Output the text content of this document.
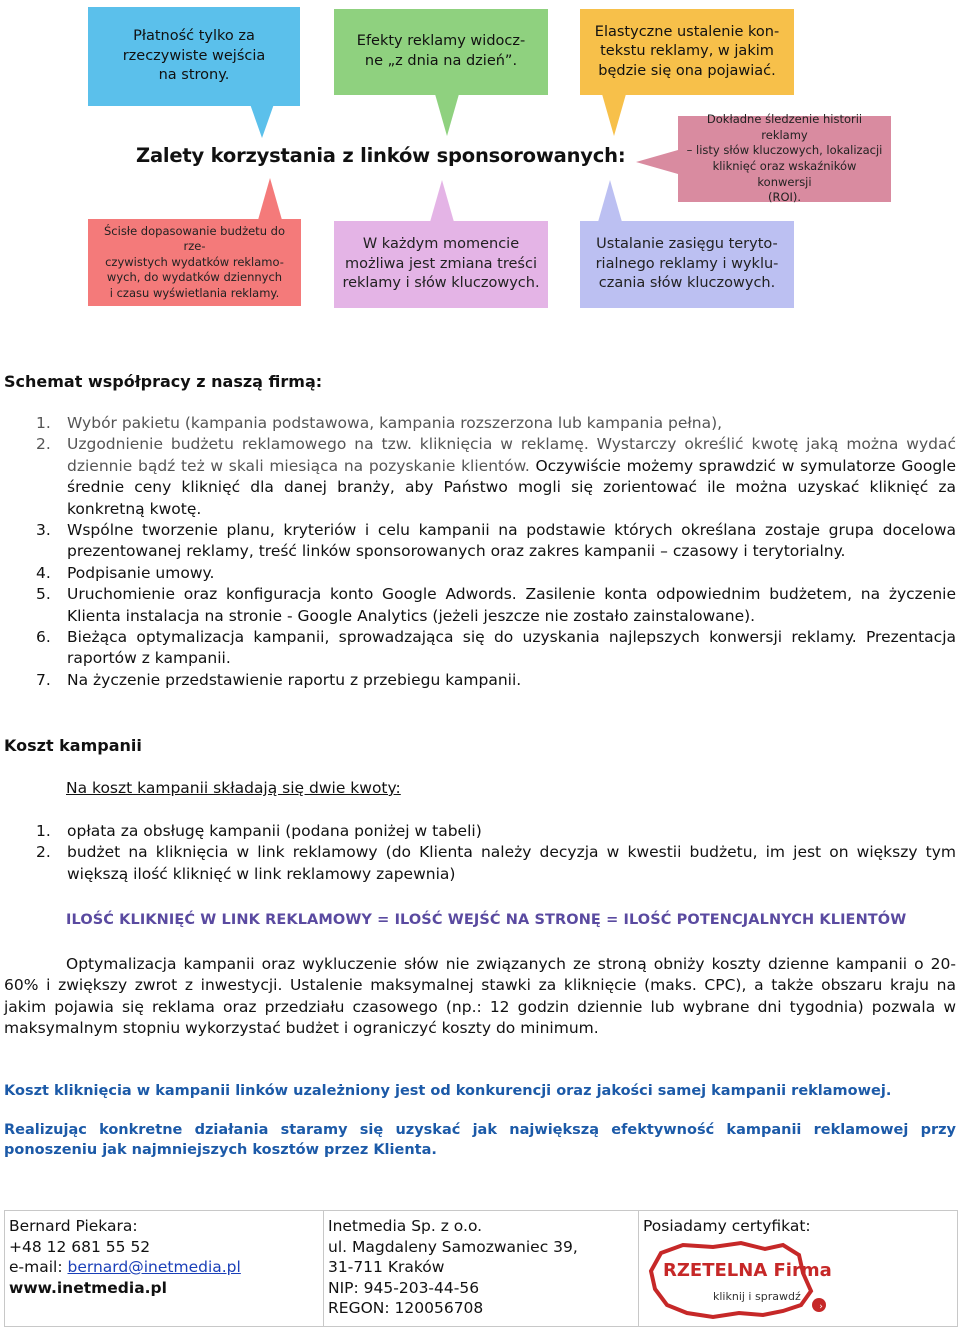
Płatność tylko za
rzeczywiste wejścia
na strony.
Efekty reklamy widocz-
ne „z dnia na dzień”.
Elastyczne ustalenie kon-
tekstu reklamy, w jakim
będzie się ona pojawiać.
Dokładne śledzenie historii reklamy
– listy słów kluczowych, lokalizacji
kliknięć oraz wskaźników konwersji
(ROI).
Ścisłe dopasowanie budżetu do rze-
czywistych wydatków reklamo-
wych, do wydatków dziennych
i czasu wyświetlania reklamy.
W każdym momencie
możliwa jest zmiana treści
reklamy i słów kluczowych.
Ustalanie zasięgu teryto-
rialnego reklamy i wyklu-
czania słów kluczowych.
Zalety korzystania z linków sponsorowanych:
Schemat współpracy z naszą firmą:
1. Wybór pakietu (kampania podstawowa, kampania rozszerzona lub kampania pełna),
2. Uzgodnienie budżetu reklamowego na tzw. kliknięcia w reklamę. Wystarczy określić kwotę jaką można wydać dziennie bądź też w skali miesiąca na pozyskanie klientów. Oczywiście możemy sprawdzić w symulatorze Google średnie ceny kliknięć dla danej branży, aby Państwo mogli się zorientować ile można uzyskać kliknięć za konkretną kwotę.
3. Wspólne tworzenie planu, kryteriów i celu kampanii na podstawie których określana zostaje grupa docelowa prezentowanej reklamy, treść linków sponsorowanych oraz zakres kampanii – czasowy i terytorialny.
4. Podpisanie umowy.
5. Uruchomienie oraz konfiguracja konto Google Adwords. Zasilenie konta odpowiednim budżetem, na życzenie Klienta instalacja na stronie - Google Analytics (jeżeli jeszcze nie zostało zainstalowane).
6. Bieżąca optymalizacja kampanii, sprowadzająca się do uzyskania najlepszych konwersji reklamy. Prezentacja raportów z kampanii.
7. Na życzenie przedstawienie raportu z przebiegu kampanii.
Koszt kampanii
Na koszt kampanii składają się dwie kwoty:
1. opłata za obsługę kampanii (podana poniżej w tabeli)
2. budżet na kliknięcia w link reklamowy (do Klienta należy decyzja w kwestii budżetu, im jest on większy tym większą ilość kliknięć w link reklamowy zapewnia)
ILOŚĆ KLIKNIĘĆ W LINK REKLAMOWY = ILOŚĆ WEJŚĆ NA STRONĘ = ILOŚĆ POTENCJALNYCH KLIENTÓW
Optymalizacja kampanii oraz wykluczenie słów nie związanych ze stroną obniży koszty dzienne kampanii o 20-60% i zwiększy zwrot z inwestycji. Ustalenie maksymalnej stawki za kliknięcie (maks. CPC), a także obszaru kraju na jakim pojawia się reklama oraz przedziału czasowego (np.: 12 godzin dziennie lub wybrane dni tygodnia) pozwala w maksymalnym stopniu wykorzystać budżet i ograniczyć koszty do minimum.
Koszt kliknięcia w kampanii linków uzależniony jest od konkurencji oraz jakości samej kampanii reklamowej.
Realizując konkretne działania staramy się uzyskać jak największą efektywność kampanii reklamowej przy ponoszeniu jak najmniejszych kosztów przez Klienta.
Bernard Piekara:
+48 12 681 55 52
e-mail: bernard@inetmedia.pl
www.inetmedia.pl

Inetmedia Sp. z o.o.
ul. Magdaleny Samozwaniec 39,
31-711 Kraków
NIP: 945-203-44-56
REGON: 120056708

Posiadamy certyfikat:
›
RZETELNA Firma
kliknij i sprawdź
